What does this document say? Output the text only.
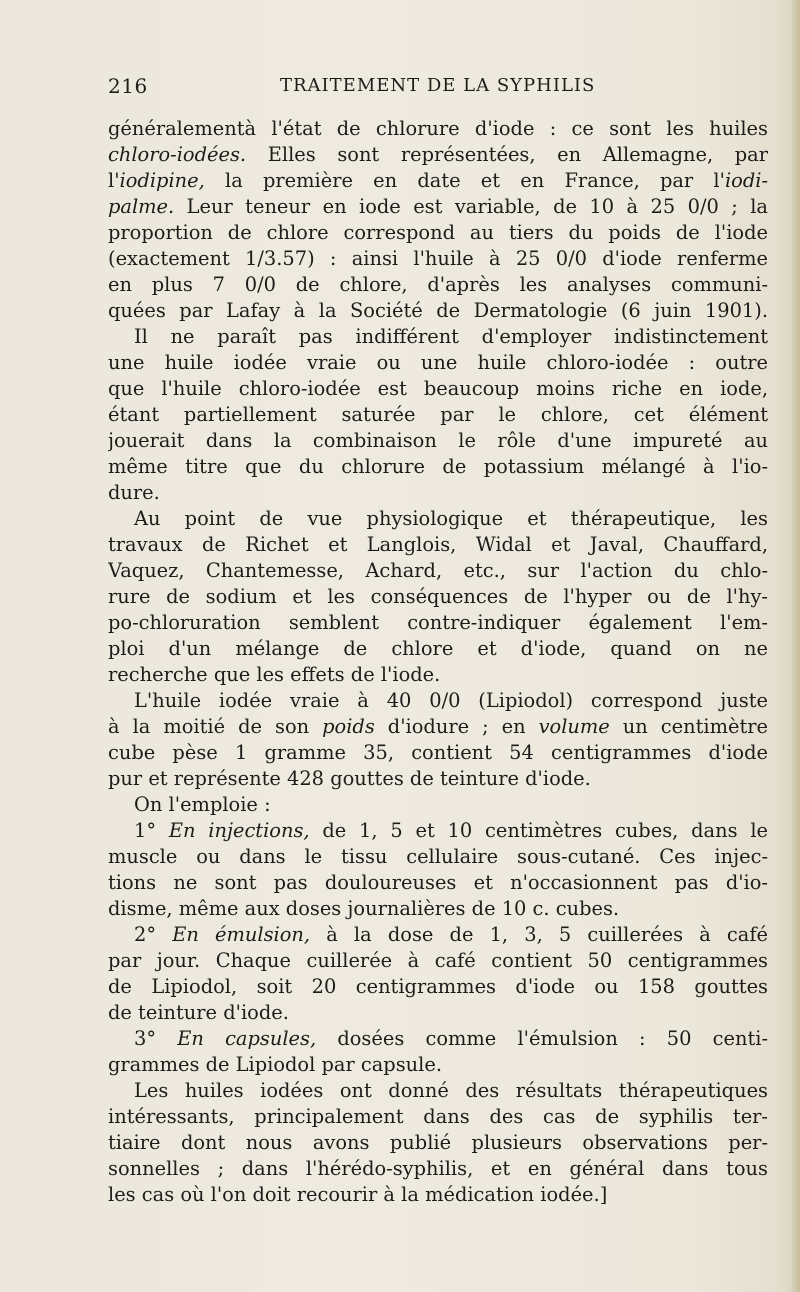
216	TRAITEMENT DE LA SYPHILIS
généralementà l'état de chlorure d'iode : ce sont les huiles
chloro-iodées. Elles sont représentées, en Allemagne, par
l'iodipine, la première en date et en France, par l'iodi-
palme. Leur teneur en iode est variable, de 10 à 25 0/0 ; la
proportion de chlore correspond au tiers du poids de l'iode
(exactement 1/3.57) : ainsi l'huile à 25 0/0 d'iode renferme
en plus 7 0/0 de chlore, d'après les analyses communi-
quées par Lafay à la Société de Dermatologie (6 juin 1901).
Il ne paraît pas indifférent d'employer indistinctement
une huile iodée vraie ou une huile chloro-iodée : outre
que l'huile chloro-iodée est beaucoup moins riche en iode,
étant partiellement saturée par le chlore, cet élément
jouerait dans la combinaison le rôle d'une impureté au
même titre que du chlorure de potassium mélangé à l'io-
dure.
Au point de vue physiologique et thérapeutique, les
travaux de Richet et Langlois, Widal et Javal, Chauffard,
Vaquez, Chantemesse, Achard, etc., sur l'action du chlo-
rure de sodium et les conséquences de l'hyper ou de l'hy-
po-chloruration semblent contre-indiquer également l'em-
ploi d'un mélange de chlore et d'iode, quand on ne
recherche que les effets de l'iode.
L'huile iodée vraie à 40 0/0 (Lipiodol) correspond juste
à la moitié de son poids d'iodure ; en volume un centimètre
cube pèse 1 gramme 35, contient 54 centigrammes d'iode
pur et représente 428 gouttes de teinture d'iode.
On l'emploie :
1° En injections, de 1, 5 et 10 centimètres cubes, dans le
muscle ou dans le tissu cellulaire sous-cutané. Ces injec-
tions ne sont pas douloureuses et n'occasionnent pas d'io-
disme, même aux doses journalières de 10 c. cubes.
2° En émulsion, à la dose de 1, 3, 5 cuillerées à café
par jour. Chaque cuillerée à café contient 50 centigrammes
de Lipiodol, soit 20 centigrammes d'iode ou 158 gouttes
de teinture d'iode.
3° En capsules, dosées comme l'émulsion : 50 centi-
grammes de Lipiodol par capsule.
Les huiles iodées ont donné des résultats thérapeutiques
intéressants, principalement dans des cas de syphilis ter-
tiaire dont nous avons publié plusieurs observations per-
sonnelles ; dans l'hérédo-syphilis, et en général dans tous
les cas où l'on doit recourir à la médication iodée.]
